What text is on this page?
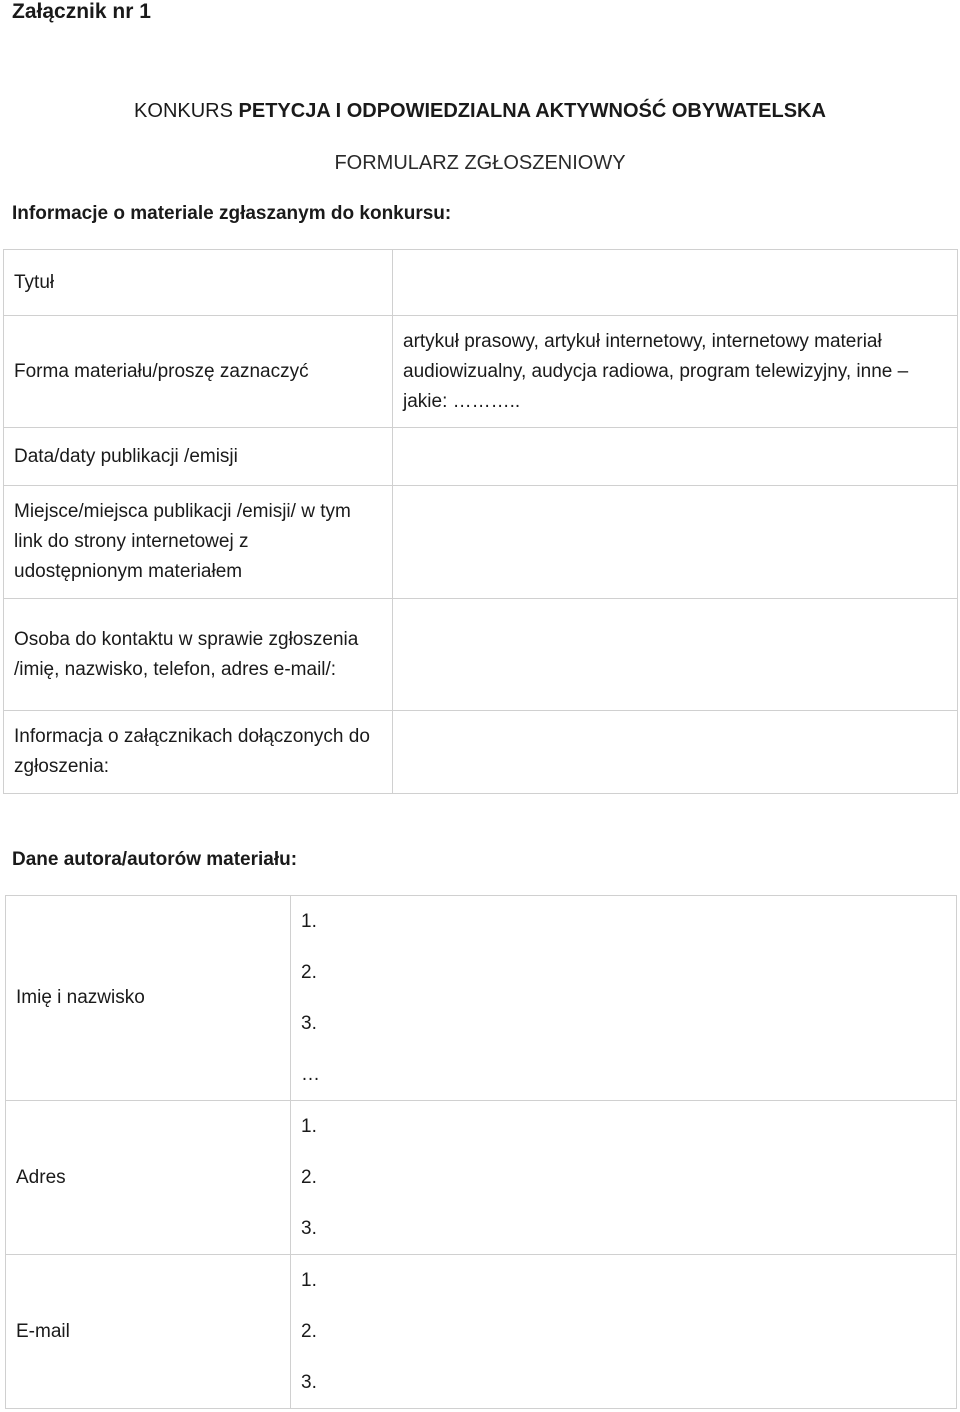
Załącznik nr 1
KONKURS PETYCJA I ODPOWIEDZIALNA AKTYWNOŚĆ OBYWATELSKA
FORMULARZ ZGŁOSZENIOWY
Informacje o materiale zgłaszanym do konkursu:
Tytuł	
Forma materiału/proszę zaznaczyć	artykuł prasowy, artykuł internetowy, internetowy materiał audiowizualny, audycja radiowa, program telewizyjny, inne – jakie: ………..
Data/daty publikacji /emisji	
Miejsce/miejsca publikacji /emisji/ w tym link do strony internetowej z udostępnionym materiałem	
Osoba do kontaktu w sprawie zgłoszenia /imię, nazwisko, telefon, adres e-mail/:	
Informacja o załącznikach dołączonych do zgłoszenia:	
Dane autora/autorów materiału:
Imię i nazwisko	1.
2.
3.
…

Adres	1.
2.
3.

E-mail	1.
2.
3.
